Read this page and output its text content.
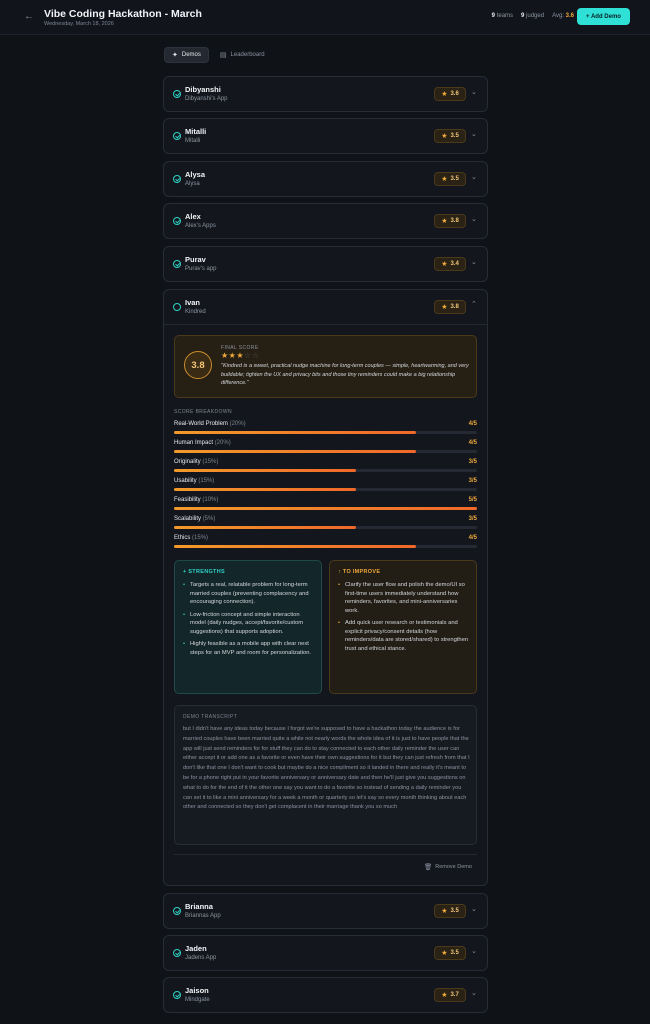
← Vibe Coding Hackathon - March
Wednesday, March 18, 2026
9 teams 9 judged Avg: 3.6	+ Add Demo
✦ Demos	▤ Leaderboard
Dibyanshi
Dibyanshi's App
★ 3.6 ⌄
Mitalli
Mitalli
★ 3.5 ⌄
Alysa
Alysa
★ 3.5 ⌄
Alex
Alex's Apps
★ 3.8 ⌄
Purav
Purav's app
★ 3.4 ⌄
Ivan
Kindred
★ 3.8 ⌃
3.8
FINAL SCORE
★★★☆☆
"Kindred is a sweet, practical nudge machine for long-term couples — simple, heartwarming, and very buildable; tighten the UX and privacy bits and those tiny reminders could make a big relationship difference."
SCORE BREAKDOWN
Real-World Problem (20%)	4/5
Human Impact (20%)	4/5
Originality (15%)	3/5
Usability (15%)	3/5
Feasibility (10%)	5/5
Scalability (5%)	3/5
Ethics (15%)	4/5
+ STRENGTHS
• Targets a real, relatable problem for long-term married couples (preventing complacency and encouraging connection).
• Low-friction concept and simple interaction model (daily nudges, accept/favorite/custom suggestions) that supports adoption.
• Highly feasible as a mobile app with clear next steps for an MVP and room for personalization.
↑ TO IMPROVE
• Clarify the user flow and polish the demo/UI so first-time users immediately understand how reminders, favorites, and mini-anniversaries work.
• Add quick user research or testimonials and explicit privacy/consent details (how reminders/data are stored/shared) to strengthen trust and ethical stance.
DEMO TRANSCRIPT
but I didn't have any ideas today because I forgot we're supposed to have a hackathon today the audience is for married couples have been married quite a while not nearly words the whole idea of it is just to have people that the app will just send reminders for for stuff they can do to stay connected to each other daily reminder the user can either accept it or add one as a favorite or even have their own suggestions for it but they can just refresh from that I don't like that one I don't want to cook but maybe do a nice compliment so it landed in there and really it's meant to be for a phone right put in your favorite anniversary or anniversary date and then he'll just give you suggestions on what to do for the end of it the other one say you want to do a favorite so instead of sending a daily reminder you can set it to like a mini anniversary for a week a month or quarterly so let's say so every month thinking about each other and connected so they don't get complacent in their marriage thank you so much
🗑 Remove Demo
Brianna
Briannas App
★ 3.5 ⌄
Jaden
Jadens App
★ 3.5 ⌄
Jaison
Mindgate
★ 3.7 ⌄
